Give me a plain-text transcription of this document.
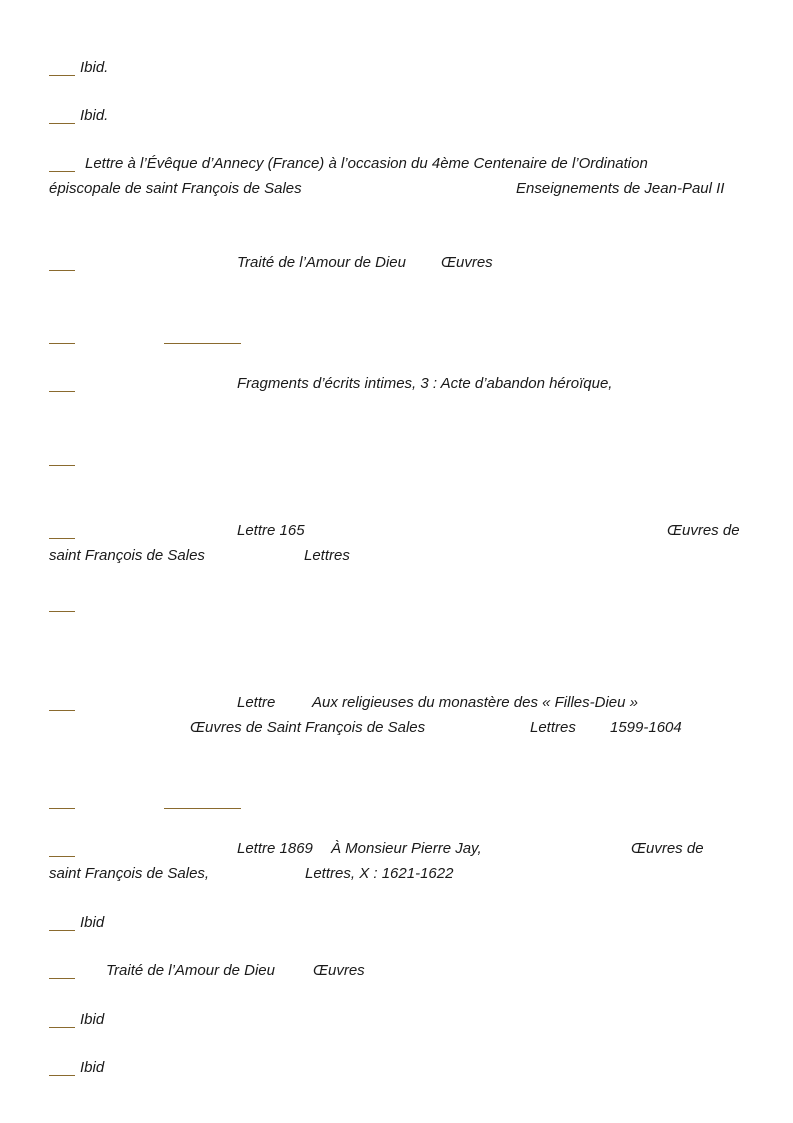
Ibid.
Ibid.
Lettre à l’Évêque d’Annecy (France) à l’occasion du 4ème Centenaire de l’Ordination
épiscopale de saint François de Sales	Enseignements de Jean-Paul II
Traité de l’Amour de Dieu Œuvres
Fragments d’écrits intimes, 3 : Acte d’abandon héroïque,
Lettre 165	Œuvres de
saint François de Sales	Lettres
Lettre Aux religieuses du monastère des « Filles-Dieu »
Œuvres de Saint François de Sales	Lettres 1599-1604
Lettre 1869 À Monsieur Pierre Jay,	Œuvres de
saint François de Sales,	Lettres, X : 1621-1622
Ibid
Traité de l’Amour de Dieu	Œuvres
Ibid
Ibid
